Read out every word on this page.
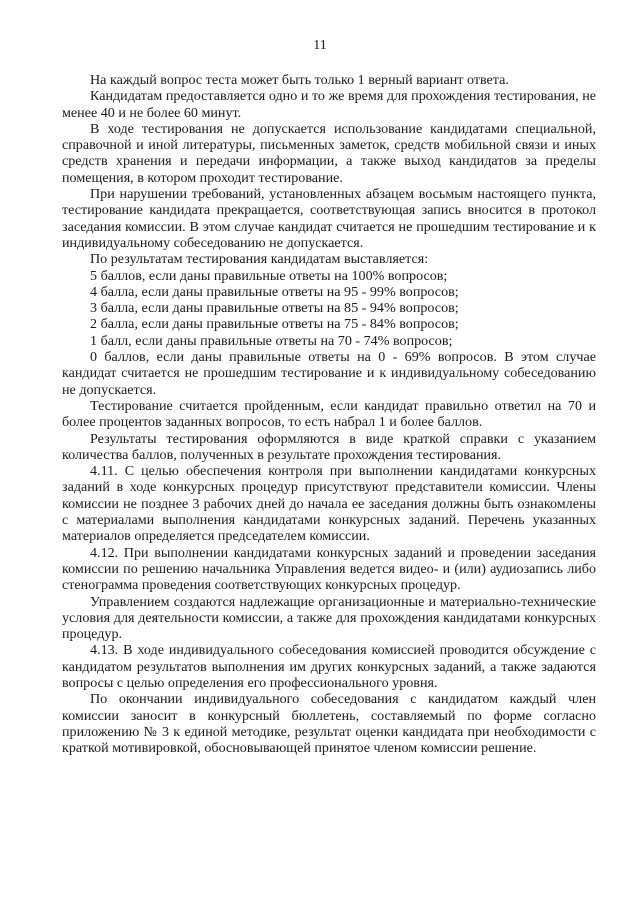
11

На каждый вопрос теста может быть только 1 верный вариант ответа.

Кандидатам предоставляется одно и то же время для прохождения тестирования, не менее 40 и не более 60 минут.

В ходе тестирования не допускается использование кандидатами специальной, справочной и иной литературы, письменных заметок, средств мобильной связи и иных средств хранения и передачи информации, а также выход кандидатов за пределы помещения, в котором проходит тестирование.

При нарушении требований, установленных абзацем восьмым настоящего пункта, тестирование кандидата прекращается, соответствующая запись вносится в протокол заседания комиссии. В этом случае кандидат считается не прошедшим тестирование и к индивидуальному собеседованию не допускается.

По результатам тестирования кандидатам выставляется:

5 баллов, если даны правильные ответы на 100% вопросов;

4 балла, если даны правильные ответы на 95 - 99% вопросов;

3 балла, если даны правильные ответы на 85 - 94% вопросов;

2 балла, если даны правильные ответы на 75 - 84% вопросов;

1 балл, если даны правильные ответы на 70 - 74% вопросов;

0 баллов, если даны правильные ответы на 0 - 69% вопросов. В этом случае кандидат считается не прошедшим тестирование и к индивидуальному собеседованию не допускается.

Тестирование считается пройденным, если кандидат правильно ответил на 70 и более процентов заданных вопросов, то есть набрал 1 и более баллов.

Результаты тестирования оформляются в виде краткой справки с указанием количества баллов, полученных в результате прохождения тестирования.

4.11. С целью обеспечения контроля при выполнении кандидатами конкурсных заданий в ходе конкурсных процедур присутствуют представители комиссии. Члены комиссии не позднее 3 рабочих дней до начала ее заседания должны быть ознакомлены с материалами выполнения кандидатами конкурсных заданий. Перечень указанных материалов определяется председателем комиссии.

4.12. При выполнении кандидатами конкурсных заданий и проведении заседания комиссии по решению начальника Управления ведется видео- и (или) аудиозапись либо стенограмма проведения соответствующих конкурсных процедур.

Управлением создаются надлежащие организационные и материально-технические условия для деятельности комиссии, а также для прохождения кандидатами конкурсных процедур.

4.13. В ходе индивидуального собеседования комиссией проводится обсуждение с кандидатом результатов выполнения им других конкурсных заданий, а также задаются вопросы с целью определения его профессионального уровня.

По окончании индивидуального собеседования с кандидатом каждый член комиссии заносит в конкурсный бюллетень, составляемый по форме согласно приложению № 3 к единой методике, результат оценки кандидата при необходимости с краткой мотивировкой, обосновывающей принятое членом комиссии решение.
